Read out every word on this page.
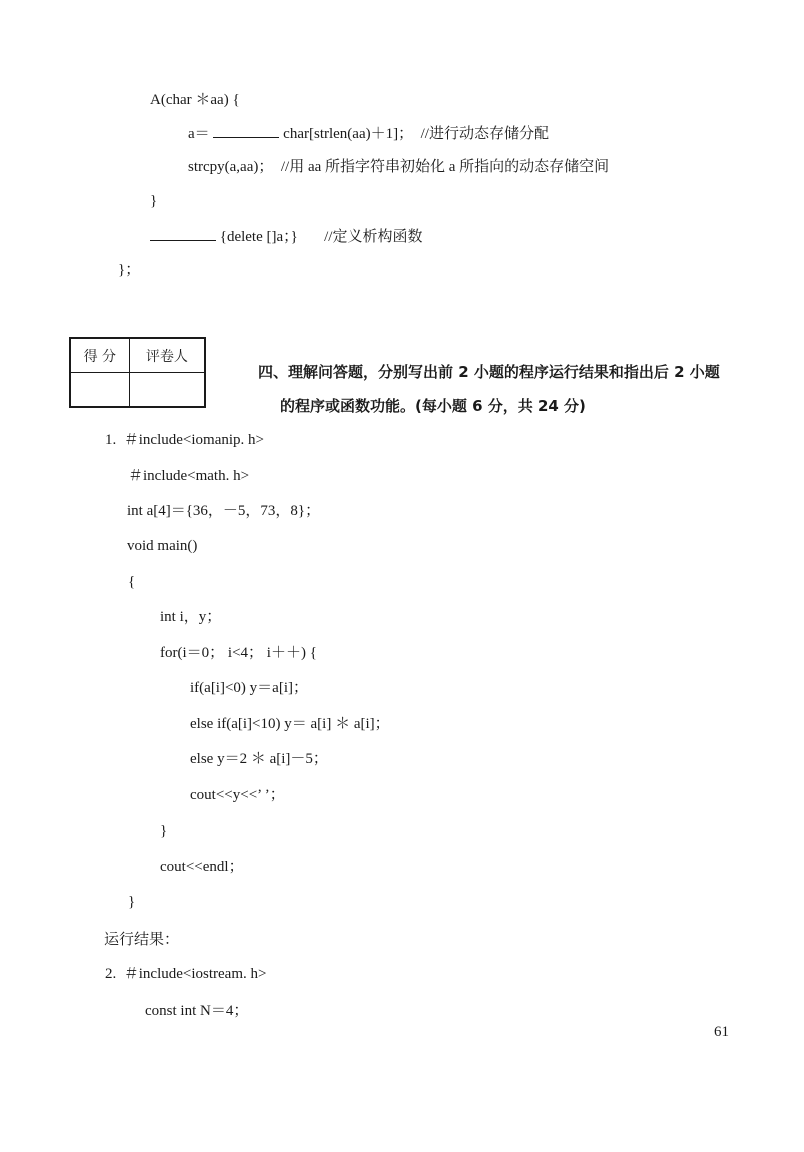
A(char ＊aa) {
a＝	char[strlen(aa)＋1]；  //进行动态存储分配
strcpy(a,aa)；  //用 aa 所指字符串初始化 a 所指向的动态存储空间
}
{delete []a；}       //定义析构函数
}；
得 分	评卷人

四、理解问答题，分别写出前 2 小题的程序运行结果和指出后 2 小题
的程序或函数功能。(每小题 6 分，共 24 分)
1.  ＃include<iomanip. h>
＃include<math. h>
int a[4]＝{36，－5，73，8}；
void main()
{
int i，y；
for(i＝0； i<4； i＋＋) {
if(a[i]<0) y＝a[i]；
else if(a[i]<10) y＝ a[i] ＊ a[i]；
else y＝2 ＊ a[i]－5；
cout<<y<<’ ’；
}
cout<<endl；
}
运行结果：
2.  ＃include<iostream. h>
const int N＝4；
61
